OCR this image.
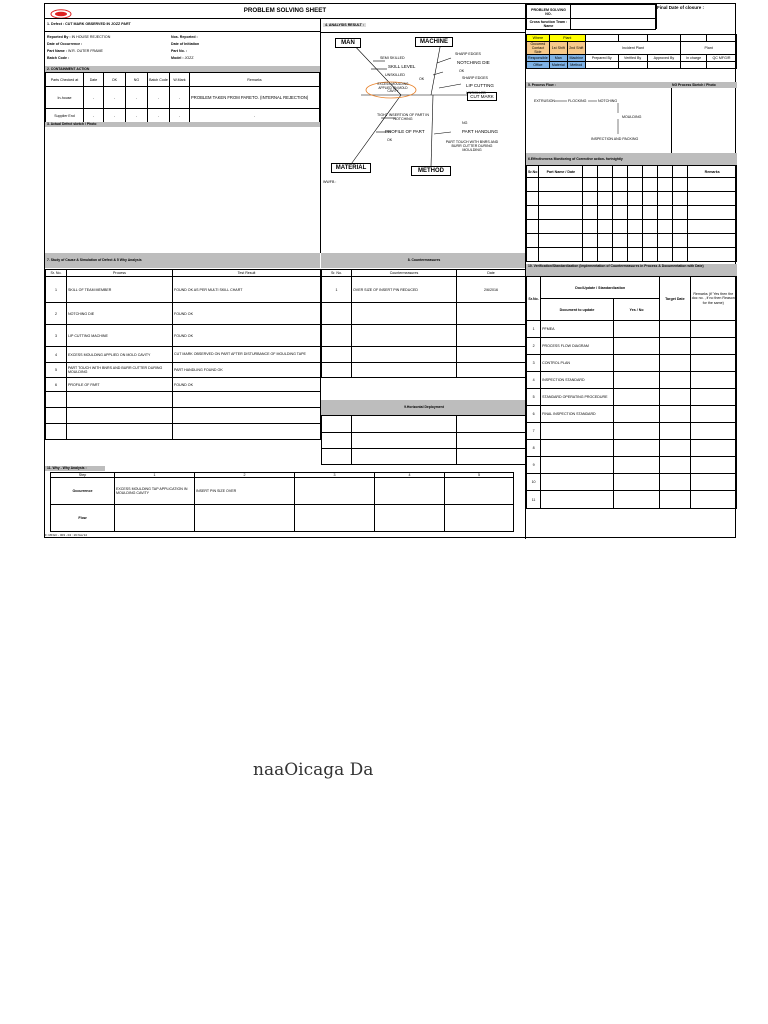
PROBLEM SOLVING SHEET
1. Defect : CUT MARK OBSERVED IN JOZZ PART
Reported By : IN HOUSE REJECTION	Nos. Reported :
Date of Occurrence :	Date of Initiation
Part Name : W.R. OUTER FRAME	Part No. :
Batch Code :	Model : JOZZ
2. CONTAINMENT ACTION
Parts Checked at	Date	OK	NG	Batch Code	W.Mark	Remarks
In-house	-	-	-	-	-	PROBLEM TAKEN FROM PARETO. (INTERNAL REJECTION)
Supplier End	-	-	-	-	-	-
3. Actual Defect sketch / Photo
4. ANALYSIS RESULT :
MAN	MACHINE
MATERIAL	METHOD
CUT MARK
SEMI SKILLED
SKILL LEVEL
UNSKILLED
OK
SHARP EDGES
NOTCHING DIE
OK
SHARP EDGES
LIP CUTTING
UNSKILLED
EXCESS MOULDING APPLIED ON MOLD CAVITY
TIGHT INSERTION OF PART IN NOTCHING
PROFILE OF PART
OK
NG
PART HANDLING
PART TOUCH WITH BNRS AND BURR CUTTER DURING MOULDING
WWFB :
7. Study of Cause & Simulation of Defect & 5 Why Analysis	8. Countermeasures
Sr. No.	Process	Test Result
1	SKILL OF TEAM MEMBER	FOUND OK AS PER MULTI SKILL CHART
2	NOTCHING DIE	FOUND OK
3	LIP CUTTING MACHINE	FOUND OK
4	EXCESS MOULDING APPLIED ON MOLD CAVITY	CUT MARK OBSERVED ON PART AFTER DISTURBANCE OF MOULDING TAPE
5	PART TOUCH WITH BNRS AND BURR CUTTER DURING MOULDING	PART HANDLING FOUND OK
6	PROFILE OF PART	FOUND OK

Sr. No.	Countermeasures	Date
1	OVER SIZE OF INSERT PIN REDUCED	2/6/2016

9.Horizontal Deployment

11. Why - Why Analysis :
Step	1	2	3	4	5
Occurrence	EXCESS MOULDING TAP APPLICATION IN MOULDING CAVITY	INSERT PIN SIZE OVER			
Flow					
F: MFGC - 003 - 04 : 19 Nov'14
PROBLEM SOLVING NO.	
Cross function Team : Name	
Final Date of closure :
Where	Plant						
Occurred Contact Side	1st Shift	2nd Shift	Incident Plant			Plant	
Responsible	Man	Machine	Prepared By	Verified By	Approved By	In charge	QC MFG/R
Office	Material	Method					
5. Process Flow :	NG Process Sketch / Photo
EXTRUSION	FLOCKING	NOTCHING
MOULDING
INSPECTION AND PACKING
6.Effectiveness Monitoring of Corrective action- fortnightly
Sr.No	Part Name / Date								Remarks

10. Verification/Standardization (Implementation of Countermeasures in Process & Documentation with Date)
Sr.No.	Doc/Update / Standardization		Target Date	Remarks (if 'Yes then the doc no. , if no then Reason for the same)
	Document to update	Yes / No		
1	PFMEA			
2	PROCESS FLOW DIAGRAM			
3	CONTROL PLAN			
4	INSPECTION STANDARD			
5	STANDARD OPERATING PROCEDURE			
6	FINAL INSPECTION STANDARD			
7				
8				
9				
10				
11				
naaOicaga Da
